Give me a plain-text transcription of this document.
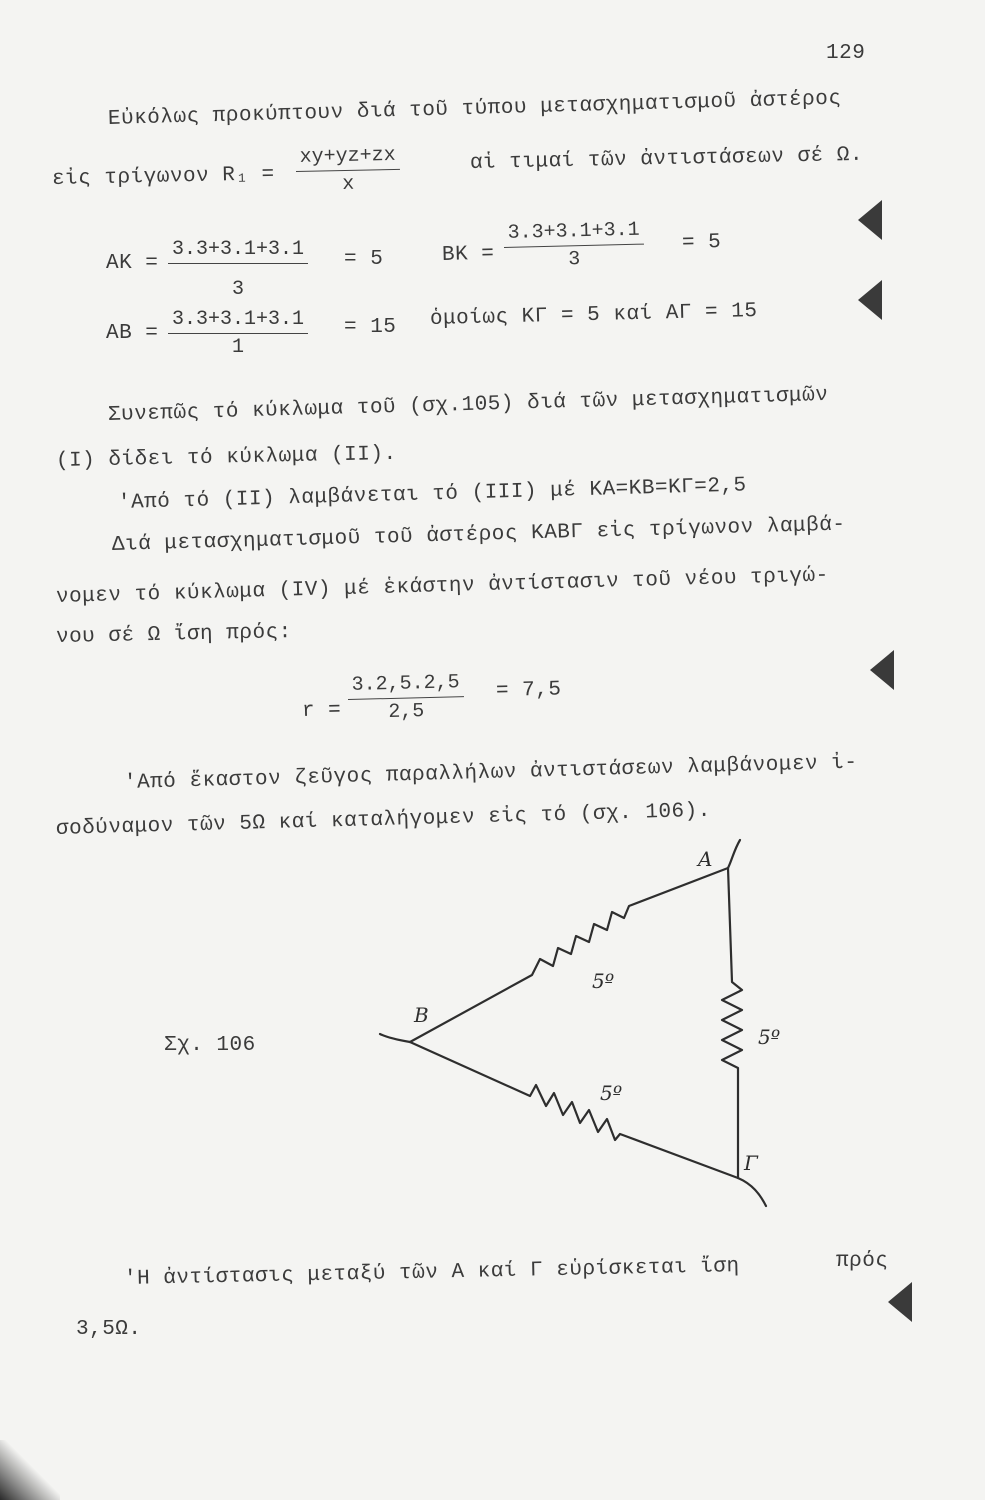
129
Εὐκόλως προκύπτουν διά τοῦ τύπου μετασχηματισμοῦ ἀστέρος
εἰς τρίγωνον $R_1 = \frac{xy+yz+zx}{x}$	αἱ τιμαί τῶν ἀντιστάσεων σέ Ω.
AK = $\frac{3.3+3.1+3.1}{3} = 5$	BK = $\frac{3.3+3.1+3.1}{3} = 5$
AB = $\frac{3.3+3.1+3.1}{1} = 15$ ὁμοίως ΚΓ = 5 καί ΑΓ = 15
Συνεπῶς τό κύκλωμα τοῦ (σχ.105) διά τῶν μετασχηματισμῶν
(Ι) δίδει τό κύκλωμα (ΙΙ).
'Από τό (ΙΙ) λαμβάνεται τό (ΙΙΙ) μέ ΚΑ=ΚΒ=ΚΓ=2,5
Διά μετασχηματισμοῦ τοῦ ἀστέρος ΚΑΒΓ εἰς τρίγωνον λαμβά-
νομεν τό κύκλωμα (ΙV) μέ ἑκάστην ἀντίστασιν τοῦ νέου τριγώ-
νου σέ Ω ἴση πρός:
$r = \frac{3.2,5.2,5}{2,5} = 7,5$
'Από ἕκαστον ζεῦγος παραλλήλων ἀντιστάσεων λαμβάνομεν ἰ-
σοδύναμον τῶν 5Ω καί καταλήγομεν εἰς τό (σχ. 106).
Σχ. 106
A
B
Γ
5º
5º
5º
'Η ἀντίστασις μεταξύ τῶν Α καί Γ εὑρίσκεται ἴση	πρός
3,5Ω.
